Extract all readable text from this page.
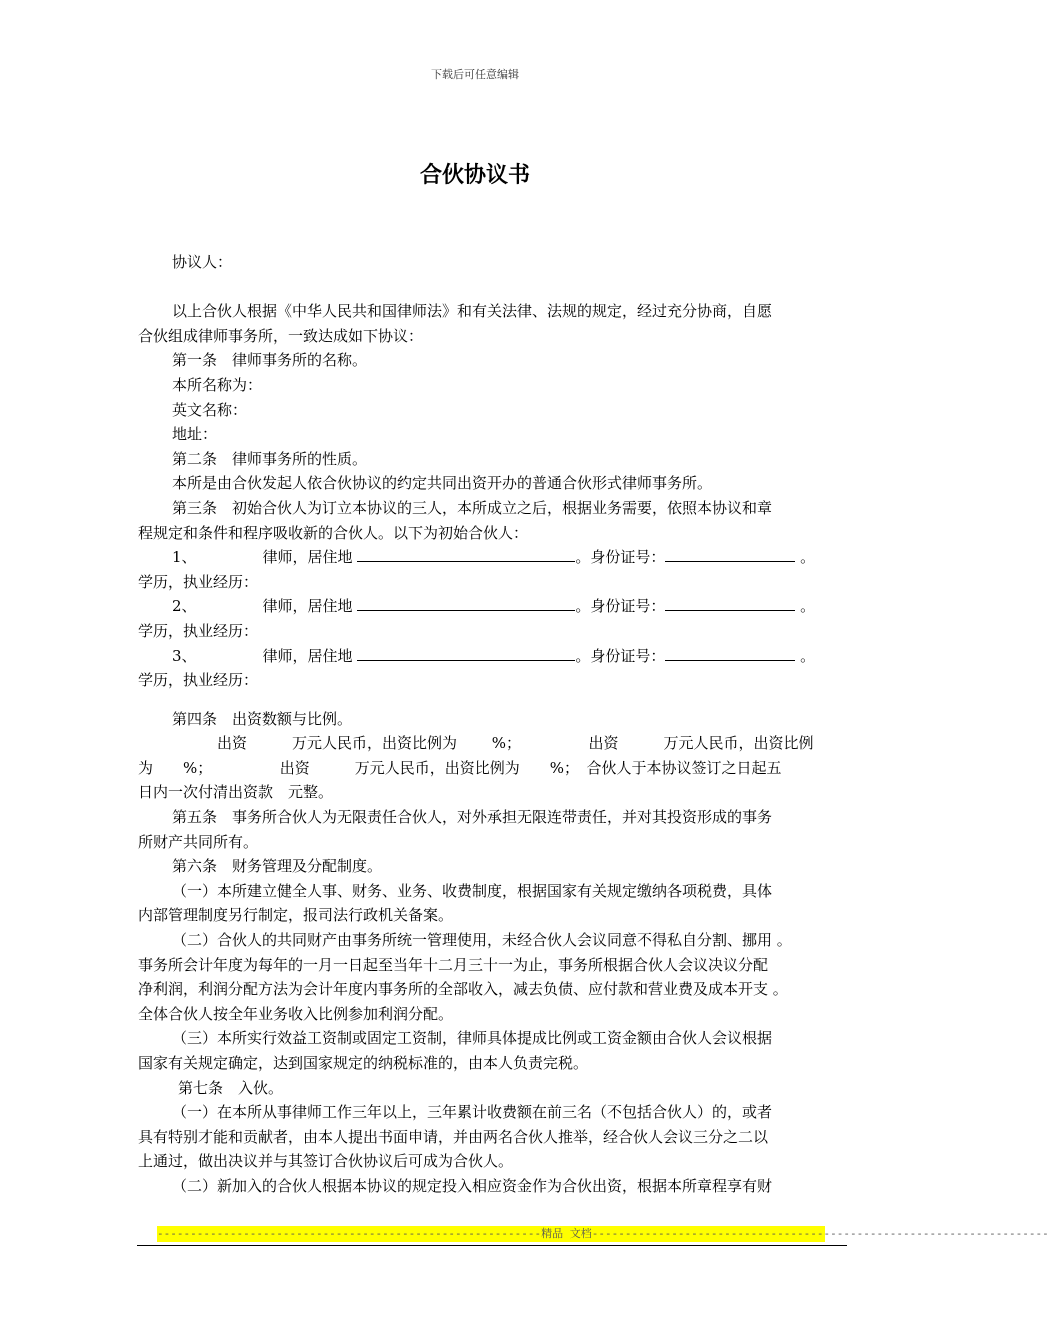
下载后可任意编辑
合伙协议书
协议人：
以上合伙人根据《中华人民共和国律师法》和有关法律、法规的规定，经过充分协商，自愿
合伙组成律师事务所，一致达成如下协议：
第一条　律师事务所的名称。
本所名称为：
英文名称：
地址：
第二条　律师事务所的性质。
本所是由合伙发起人依合伙协议的约定共同出资开办的普通合伙形式律师事务所。
第三条　初始合伙人为订立本协议的三人，本所成立之后，根据业务需要，依照本协议和章
程规定和条件和程序吸收新的合伙人。以下为初始合伙人：
1、	律师，居住地	。身份证号：	。
学历，执业经历：
2、	律师，居住地	。身份证号：	。
学历，执业经历：
3、	律师，居住地	。身份证号：	。
学历，执业经历：
第四条　出资数额与比例。
　　　出资　　　万元人民币，出资比例为　　 %；　　　　　出资　　　万元人民币，出资比例
为　　%；　　　　　出资　　　万元人民币，出资比例为　　%；　合伙人于本协议签订之日起五
日内一次付清出资款　元整。
第五条　事务所合伙人为无限责任合伙人，对外承担无限连带责任，并对其投资形成的事务
所财产共同所有。
第六条　财务管理及分配制度。
（一）本所建立健全人事、财务、业务、收费制度，根据国家有关规定缴纳各项税费，具体
内部管理制度另行制定，报司法行政机关备案。
（二）合伙人的共同财产由事务所统一管理使用，未经合伙人会议同意不得私自分割、挪用 。
事务所会计年度为每年的一月一日起至当年十二月三十一为止，事务所根据合伙人会议决议分配
净利润，利润分配方法为会计年度内事务所的全部收入，减去负债、应付款和营业费及成本开支 。
全体合伙人按全年业务收入比例参加利润分配。
（三）本所实行效益工资制或固定工资制，律师具体提成比例或工资金额由合伙人会议根据
国家有关规定确定，达到国家规定的纳税标准的，由本人负责完税。
第七条　入伙。
（一）在本所从事律师工作三年以上，三年累计收费额在前三名（不包括合伙人）的，或者
具有特别才能和贡献者，由本人提出书面申请，并由两名合伙人推举，经合伙人会议三分之二以
上通过，做出决议并与其签订合伙协议后可成为合伙人。
（二）新加入的合伙人根据本协议的规定投入相应资金作为合伙出资，根据本所章程享有财
----------------------------------------------------------精品 文档---------------------------------------------------------------------
